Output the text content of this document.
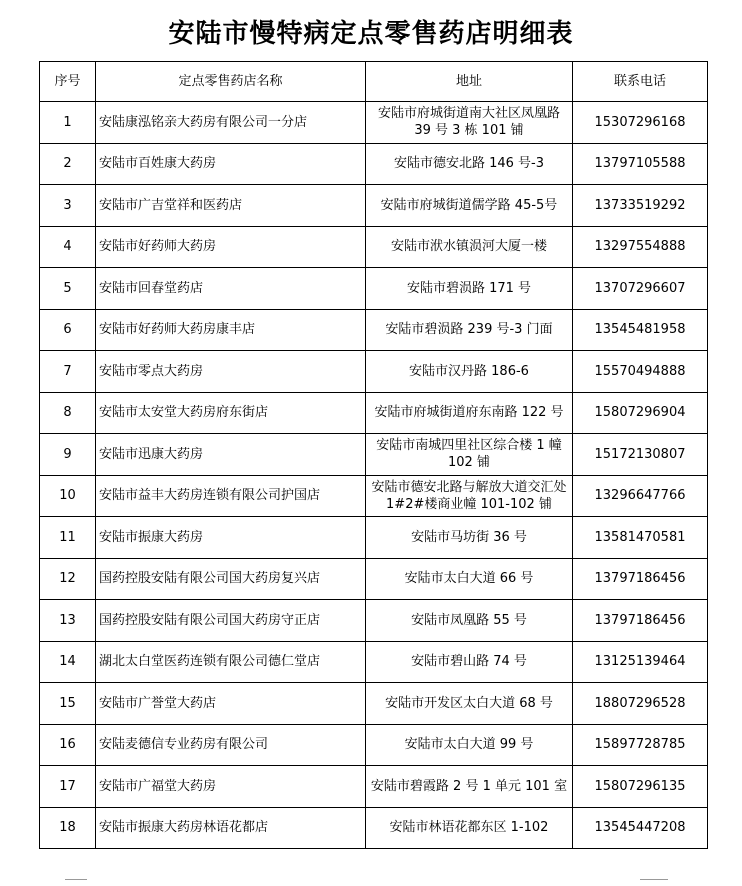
安陆市慢特病定点零售药店明细表
序号	定点零售药店名称	地址	联系电话
1	安陆康泓铭亲大药房有限公司一分店	安陆市府城街道南大社区凤凰路 39 号 3 栋 101 铺	15307296168
2	安陆市百姓康大药房	安陆市德安北路 146 号-3	13797105588
3	安陆市广吉堂祥和医药店	安陆市府城街道儒学路 45-5号	13733519292
4	安陆市好药师大药房	安陆市洑水镇涢河大厦一楼	13297554888
5	安陆市回春堂药店	安陆市碧涢路 171 号	13707296607
6	安陆市好药师大药房康丰店	安陆市碧涢路 239 号-3 门面	13545481958
7	安陆市零点大药房	安陆市汉丹路 186-6	15570494888
8	安陆市太安堂大药房府东街店	安陆市府城街道府东南路 122 号	15807296904
9	安陆市迅康大药房	安陆市南城四里社区综合楼 1 幢 102 铺	15172130807
10	安陆市益丰大药房连锁有限公司护国店	安陆市德安北路与解放大道交汇处 1#2#楼商业幢 101-102 铺	13296647766
11	安陆市振康大药房	安陆市马坊街 36 号	13581470581
12	国药控股安陆有限公司国大药房复兴店	安陆市太白大道 66 号	13797186456
13	国药控股安陆有限公司国大药房守正店	安陆市凤凰路 55 号	13797186456
14	湖北太白堂医药连锁有限公司德仁堂店	安陆市碧山路 74 号	13125139464
15	安陆市广誉堂大药店	安陆市开发区太白大道 68 号	18807296528
16	安陆麦德信专业药房有限公司	安陆市太白大道 99 号	15897728785
17	安陆市广福堂大药房	安陆市碧霞路 2 号 1 单元 101 室	15807296135
18	安陆市振康大药房林语花都店	安陆市林语花都东区 1-102	13545447208
